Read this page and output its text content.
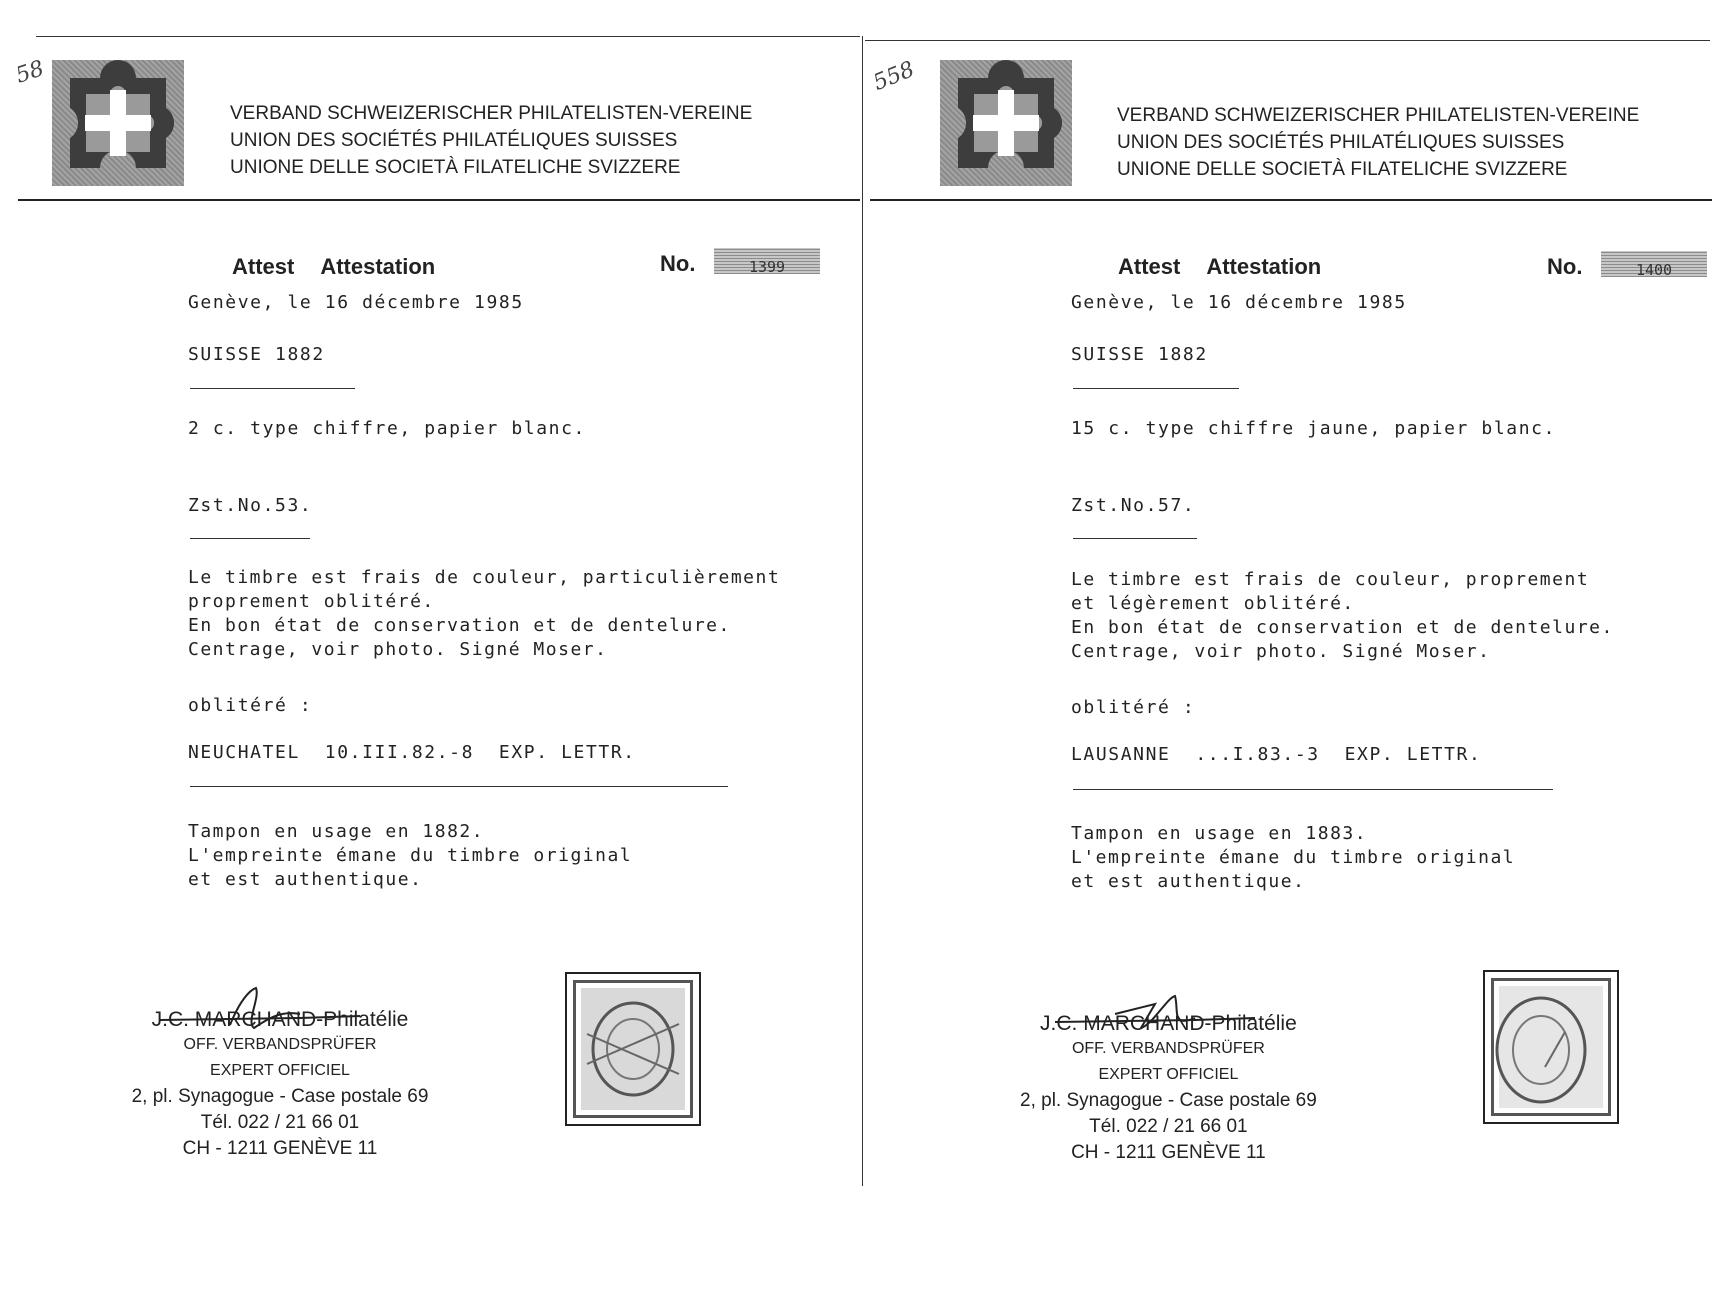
58
VERBAND SCHWEIZERISCHER PHILATELISTEN-VEREINE
UNION DES SOCIÉTÉS PHILATÉLIQUES SUISSES
UNIONE DELLE SOCIETÀ FILATELICHE SVIZZERE
Attest Attestation	No.	1399
Genève, le 16 décembre 1985
SUISSE 1882
2 c. type chiffre, papier blanc.
Zst.No.53.
Le timbre est frais de couleur, particulièrement
proprement oblitéré.
En bon état de conservation et de dentelure.
Centrage, voir photo. Signé Moser.
oblitéré :
NEUCHATEL  10.III.82.-8  EXP. LETTR.
Tampon en usage en 1882.
L'empreinte émane du timbre original
et est authentique.
J.C. MARCHAND-Philatélie
OFF. VERBANDSPRÜFER
EXPERT OFFICIEL
2, pl. Synagogue - Case postale 69
Tél. 022 / 21 66 01
CH - 1211 GENÈVE 11
558
VERBAND SCHWEIZERISCHER PHILATELISTEN-VEREINE
UNION DES SOCIÉTÉS PHILATÉLIQUES SUISSES
UNIONE DELLE SOCIETÀ FILATELICHE SVIZZERE
Attest Attestation	No.	1400
Genève, le 16 décembre 1985
SUISSE 1882
15 c. type chiffre jaune, papier blanc.
Zst.No.57.
Le timbre est frais de couleur, proprement
et légèrement oblitéré.
En bon état de conservation et de dentelure.
Centrage, voir photo. Signé Moser.
oblitéré :
LAUSANNE  ...I.83.-3  EXP. LETTR.
Tampon en usage en 1883.
L'empreinte émane du timbre original
et est authentique.
J.C. MARCHAND-Philatélie
OFF. VERBANDSPRÜFER
EXPERT OFFICIEL
2, pl. Synagogue - Case postale 69
Tél. 022 / 21 66 01
CH - 1211 GENÈVE 11
